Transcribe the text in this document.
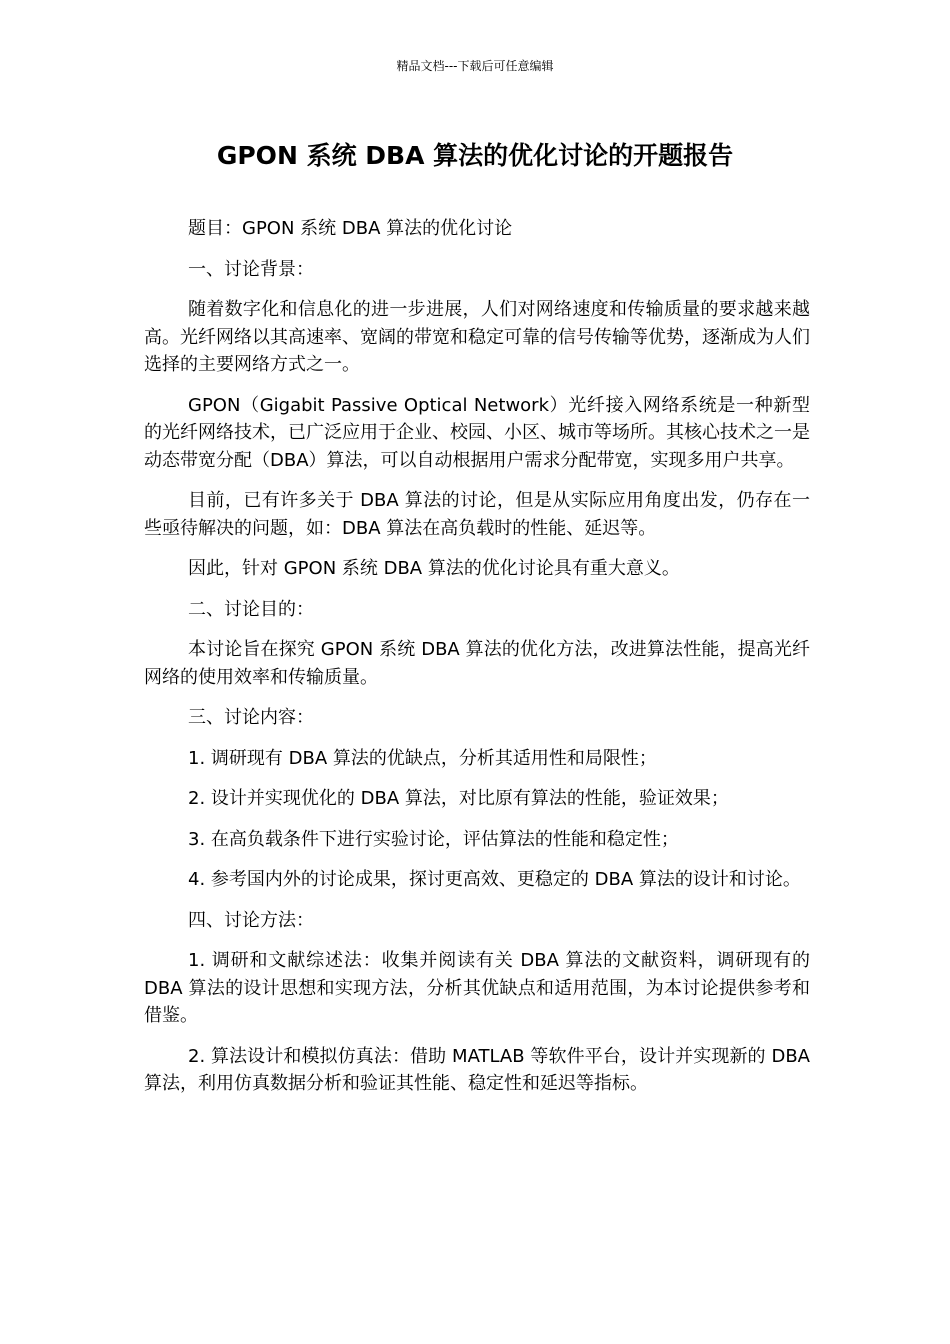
精品文档---下载后可任意编辑
GPON 系统 DBA 算法的优化讨论的开题报告

题目：GPON 系统 DBA 算法的优化讨论

一、讨论背景：

随着数字化和信息化的进一步进展，人们对网络速度和传输质量的要求越来越高。光纤网络以其高速率、宽阔的带宽和稳定可靠的信号传输等优势，逐渐成为人们选择的主要网络方式之一。

GPON（Gigabit Passive Optical Network）光纤接入网络系统是一种新型的光纤网络技术，已广泛应用于企业、校园、小区、城市等场所。其核心技术之一是动态带宽分配（DBA）算法，可以自动根据用户需求分配带宽，实现多用户共享。

目前，已有许多关于 DBA 算法的讨论，但是从实际应用角度出发，仍存在一些亟待解决的问题，如：DBA 算法在高负载时的性能、延迟等。

因此，针对 GPON 系统 DBA 算法的优化讨论具有重大意义。

二、讨论目的：

本讨论旨在探究 GPON 系统 DBA 算法的优化方法，改进算法性能，提高光纤网络的使用效率和传输质量。

三、讨论内容：

1. 调研现有 DBA 算法的优缺点，分析其适用性和局限性；

2. 设计并实现优化的 DBA 算法，对比原有算法的性能，验证效果；

3. 在高负载条件下进行实验讨论，评估算法的性能和稳定性；

4. 参考国内外的讨论成果，探讨更高效、更稳定的 DBA 算法的设计和讨论。

四、讨论方法：

1. 调研和文献综述法：收集并阅读有关 DBA 算法的文献资料，调研现有的 DBA 算法的设计思想和实现方法，分析其优缺点和适用范围，为本讨论提供参考和借鉴。

2. 算法设计和模拟仿真法：借助 MATLAB 等软件平台，设计并实现新的 DBA 算法，利用仿真数据分析和验证其性能、稳定性和延迟等指标。
